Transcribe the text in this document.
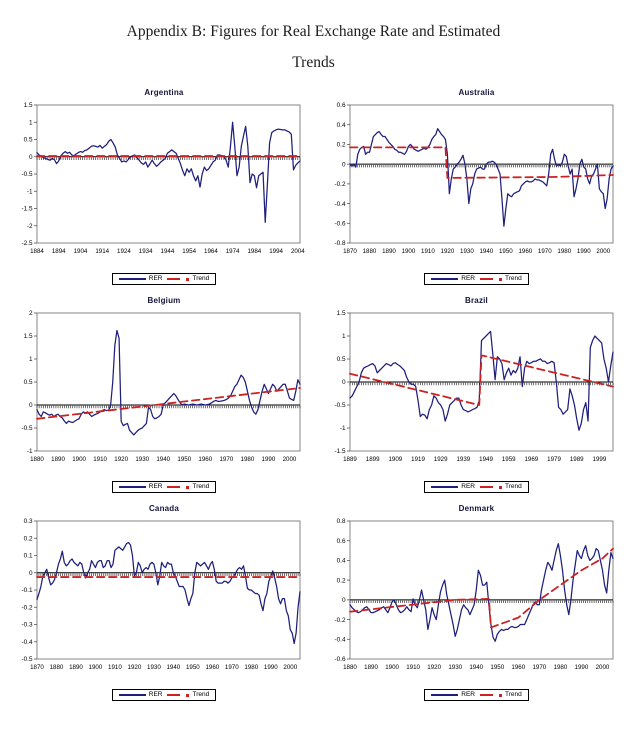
Appendix B: Figures for Real Exchange Rate and Estimated
Trends
Argentina
1.5
1
0.5
0
-0.5
-1
-1.5
-2
-2.5
1884 1894 1904 1914 1924 1934 1944 1954 1964 1974 1984 1994 2004
RER	Trend
Australia
0.6
0.4
0.2
0
-0.2
-0.4
-0.6
-0.8
1870 1880 1890 1900 1910 1920 1930 1940 1950 1960 1970 1980 1990 2000
RER	Trend
Belgium
2
1.5
1
0.5
0
-0.5
-1
1880 1890 1900 1910 1920 1930 1940 1950 1960 1970 1980 1990 2000
RER	Trend
Brazil
1.5
1
0.5
0
-0.5
-1
-1.5
1889 1899 1909 1919 1929 1939 1949 1959 1969 1979 1989 1999
RER	Trend
Canada
0.3
0.2
0.1
0
-0.1
-0.2
-0.3
-0.4
-0.5
1870 1880 1890 1900 1910 1920 1930 1940 1950 1960 1970 1980 1990 2000
RER	Trend
Denmark
0.8
0.6
0.4
0.2
0
-0.2
-0.4
-0.6
1880 1890 1900 1910 1920 1930 1940 1950 1960 1970 1980 1990 2000
RER	Trend
